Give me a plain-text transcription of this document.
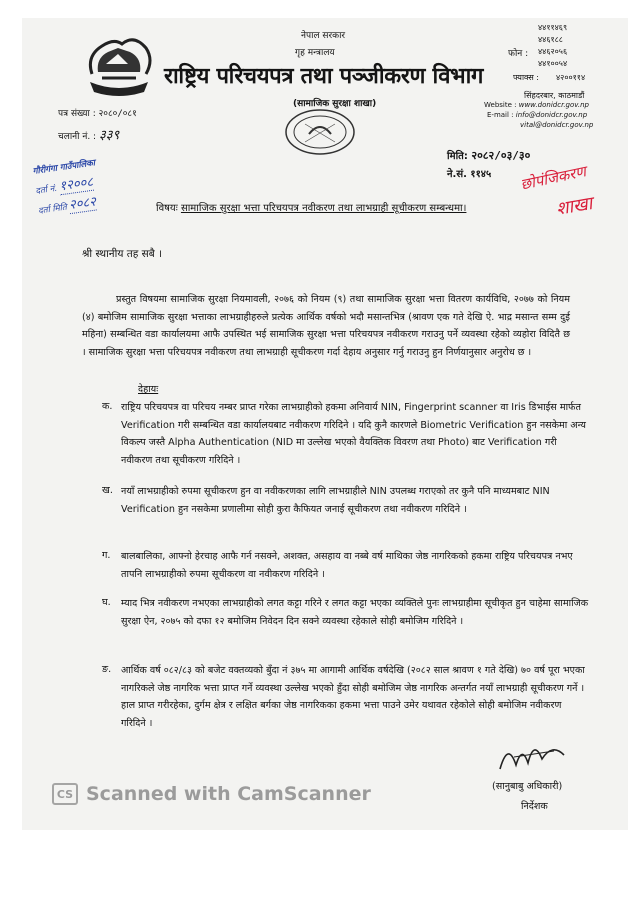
नेपाल सरकार
गृह मन्त्रालय
राष्ट्रिय परिचयपत्र तथा पञ्जीकरण विभाग
(सामाजिक सुरक्षा शाखा)
फोन :
४४११४६९
४४६१८८
४४६२०५६
४४१००५४
फ्याक्स : ४२००११४
सिंहदरबार, काठमाडौं
Website : www.donidcr.gov.np
E-mail : info@donidcr.gov.np
vital@donidcr.gov.np
पत्र संख्या : २०८०/०८१
चलानी नं. : ३३९
मिति: २०८२/०३/३०
ने.सं. ११४५
गौरीगंगा गाउँपालिका
दर्ता नं. १२००८
दर्ता मिति २०८२
छोपंजिकरण
शाखा
विषयः सामाजिक सुरक्षा भत्ता परिचयपत्र नवीकरण तथा लाभग्राही सूचीकरण सम्बन्धमा।
श्री स्थानीय तह सबै ।
प्रस्तुत विषयमा सामाजिक सुरक्षा नियमावली, २०७६ को नियम (९) तथा सामाजिक सुरक्षा भत्ता वितरण कार्यविधि, २०७७ को नियम (४) बमोजिम सामाजिक सुरक्षा भत्ताका लाभग्राहीहरुले प्रत्येक आर्थिक वर्षको भदौ मसान्तभित्र (श्रावण एक गते देखि ऐ. भाद्र मसान्त सम्म दुई महिना) सम्बन्धित वडा कार्यालयमा आफै उपस्थित भई सामाजिक सुरक्षा भत्ता परिचयपत्र नवीकरण गराउनु पर्ने व्यवस्था रहेको व्यहोरा विदितै छ । सामाजिक सुरक्षा भत्ता परिचयपत्र नवीकरण तथा लाभग्राही सूचीकरण गर्दा देहाय अनुसार गर्नु गराउनु हुन निर्णयानुसार अनुरोध छ ।
देहायः
क. राष्ट्रिय परिचयपत्र वा परिचय नम्बर प्राप्त गरेका लाभग्राहीको हकमा अनिवार्य NIN, Fingerprint scanner वा Iris डिभाईस मार्फत Verification गरी सम्बन्धित वडा कार्यालयबाट नवीकरण गरिदिने । यदि कुनै कारणले Biometric Verification हुन नसकेमा अन्य विकल्प जस्तै Alpha Authentication (NID मा उल्लेख भएको वैयक्तिक विवरण तथा Photo) बाट Verification गरी नवीकरण तथा सूचीकरण गरिदिने ।
ख. नयाँ लाभग्राहीको रुपमा सूचीकरण हुन वा नवीकरणका लागि लाभग्राहीले NIN उपलब्ध गराएको तर कुनै पनि माध्यमबाट NIN Verification हुन नसकेमा प्रणालीमा सोही कुरा कैफियत जनाई सूचीकरण तथा नवीकरण गरिदिने ।
ग. बालबालिका, आफ्नो हेरचाह आफै गर्न नसक्ने, अशक्त, असहाय वा नब्बे वर्ष माथिका जेष्ठ नागरिकको हकमा राष्ट्रिय परिचयपत्र नभए तापनि लाभग्राहीको रुपमा सूचीकरण वा नवीकरण गरिदिने ।
घ. म्याद भित्र नवीकरण नभएका लाभग्राहीको लगत कट्टा गरिने र लगत कट्टा भएका व्यक्तिले पुनः लाभग्राहीमा सूचीकृत हुन चाहेमा सामाजिक सुरक्षा ऐन, २०७५ को दफा १२ बमोजिम निवेदन दिन सक्ने व्यवस्था रहेकाले सोही बमोजिम गरिदिने ।
ङ. आर्थिक वर्ष ०८२/८३ को बजेट वक्तव्यको बुँदा नं ३७५ मा आगामी आर्थिक वर्षदेखि (२०८२ साल श्रावण १ गते देखि) ७० वर्ष पूरा भएका नागरिकले जेष्ठ नागरिक भत्ता प्राप्त गर्ने व्यवस्था उल्लेख भएको हुँदा सोही बमोजिम जेष्ठ नागरिक अन्तर्गत नयाँ लाभग्राही सूचीकरण गर्ने । हाल प्राप्त गरीरहेका, दुर्गम क्षेत्र र लक्षित बर्गका जेष्ठ नागरिकका हकमा भत्ता पाउने उमेर यथावत रहेकोले सोही बमोजिम नवीकरण गरिदिने ।
(सानुबाबु अधिकारी)
निर्देशक
CS Scanned with CamScanner
